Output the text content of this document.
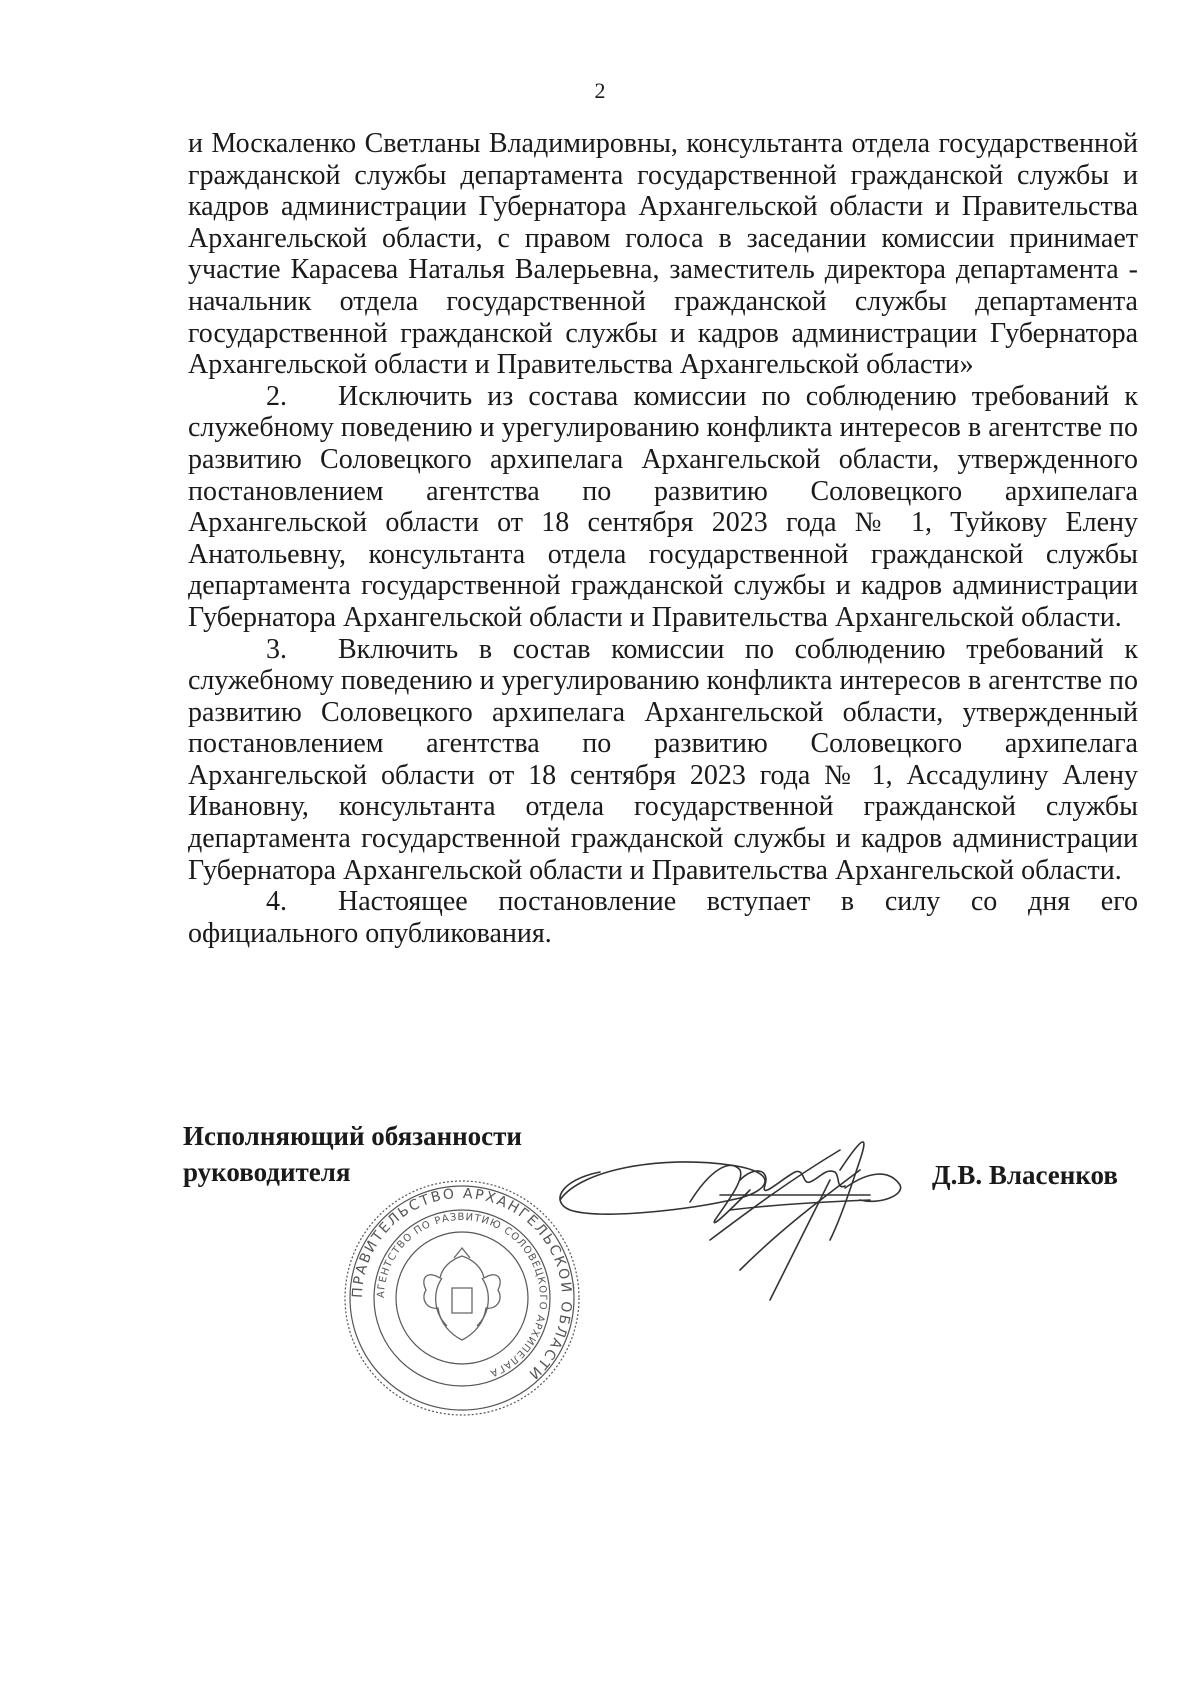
2

и Москаленко Светланы Владимировны, консультанта отдела государственной гражданской службы департамента государственной гражданской службы и кадров администрации Губернатора Архангельской области и Правительства Архангельской области, с правом голоса в заседании комиссии принимает участие Карасева Наталья Валерьевна, заместитель директора департамента - начальник отдела государственной гражданской службы департамента государственной гражданской службы и кадров администрации Губернатора Архангельской области и Правительства Архангельской области»

2. Исключить из состава комиссии по соблюдению требований к служебному поведению и урегулированию конфликта интересов в агентстве по развитию Соловецкого архипелага Архангельской области, утвержденного постановлением агентства по развитию Соловецкого архипелага Архангельской области от 18 сентября 2023 года № 1, Туйкову Елену Анатольевну, консультанта отдела государственной гражданской службы департамента государственной гражданской службы и кадров администрации Губернатора Архангельской области и Правительства Архангельской области.

3. Включить в состав комиссии по соблюдению требований к служебному поведению и урегулированию конфликта интересов в агентстве по развитию Соловецкого архипелага Архангельской области, утвержденный постановлением агентства по развитию Соловецкого архипелага Архангельской области от 18 сентября 2023 года № 1, Ассадулину Алену Ивановну, консультанта отдела государственной гражданской службы департамента государственной гражданской службы и кадров администрации Губернатора Архангельской области и Правительства Архангельской области.

4. Настоящее постановление вступает в силу со дня его официального опубликования.

Исполняющий обязанности
руководителя	Д.В. Власенков
ПРАВИТЕЛЬСТВО АРХАНГЕЛЬСКОЙ ОБЛАСТИ
АГЕНТСТВО ПО РАЗВИТИЮ СОЛОВЕЦКОГО АРХИПЕЛАГА
